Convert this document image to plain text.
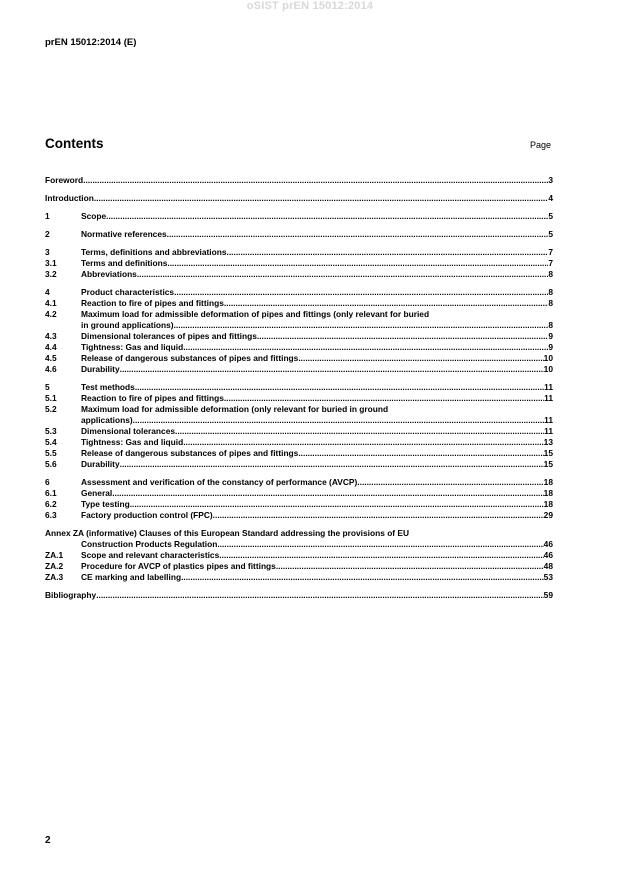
oSIST prEN 15012:2014
prEN 15012:2014 (E)
Contents	Page
Foreword .....	3
Introduction .....	4
1	Scope .....	5
2	Normative references .....	5
3	Terms, definitions and abbreviations .....	7
3.1	Terms and definitions .....	7
3.2	Abbreviations .....	8
4	Product characteristics .....	8
4.1	Reaction to fire of pipes and fittings .....	8
4.2	Maximum load for admissible deformation of pipes and fittings (only relevant for buried
in ground applications) .....	8
4.3	Dimensional tolerances of pipes and fittings .....	9
4.4	Tightness: Gas and liquid .....	9
4.5	Release of dangerous substances of pipes and fittings .....	10
4.6	Durability .....	10
5	Test methods .....	11
5.1	Reaction to fire of pipes and fittings .....	11
5.2	Maximum load for admissible deformation (only relevant for buried in ground
applications) .....	11
5.3	Dimensional tolerances .....	11
5.4	Tightness: Gas and liquid .....	13
5.5	Release of dangerous substances of pipes and fittings .....	15
5.6	Durability .....	15
6	Assessment and verification of the constancy of performance (AVCP) .....	18
6.1	General .....	18
6.2	Type testing .....	18
6.3	Factory production control (FPC) .....	29
Annex ZA (informative) Clauses of this European Standard addressing the provisions of EU
Construction Products Regulation .....	46
ZA.1	Scope and relevant characteristics .....	46
ZA.2	Procedure for AVCP of plastics pipes and fittings .....	48
ZA.3	CE marking and labelling .....	53
Bibliography .....	59
2
